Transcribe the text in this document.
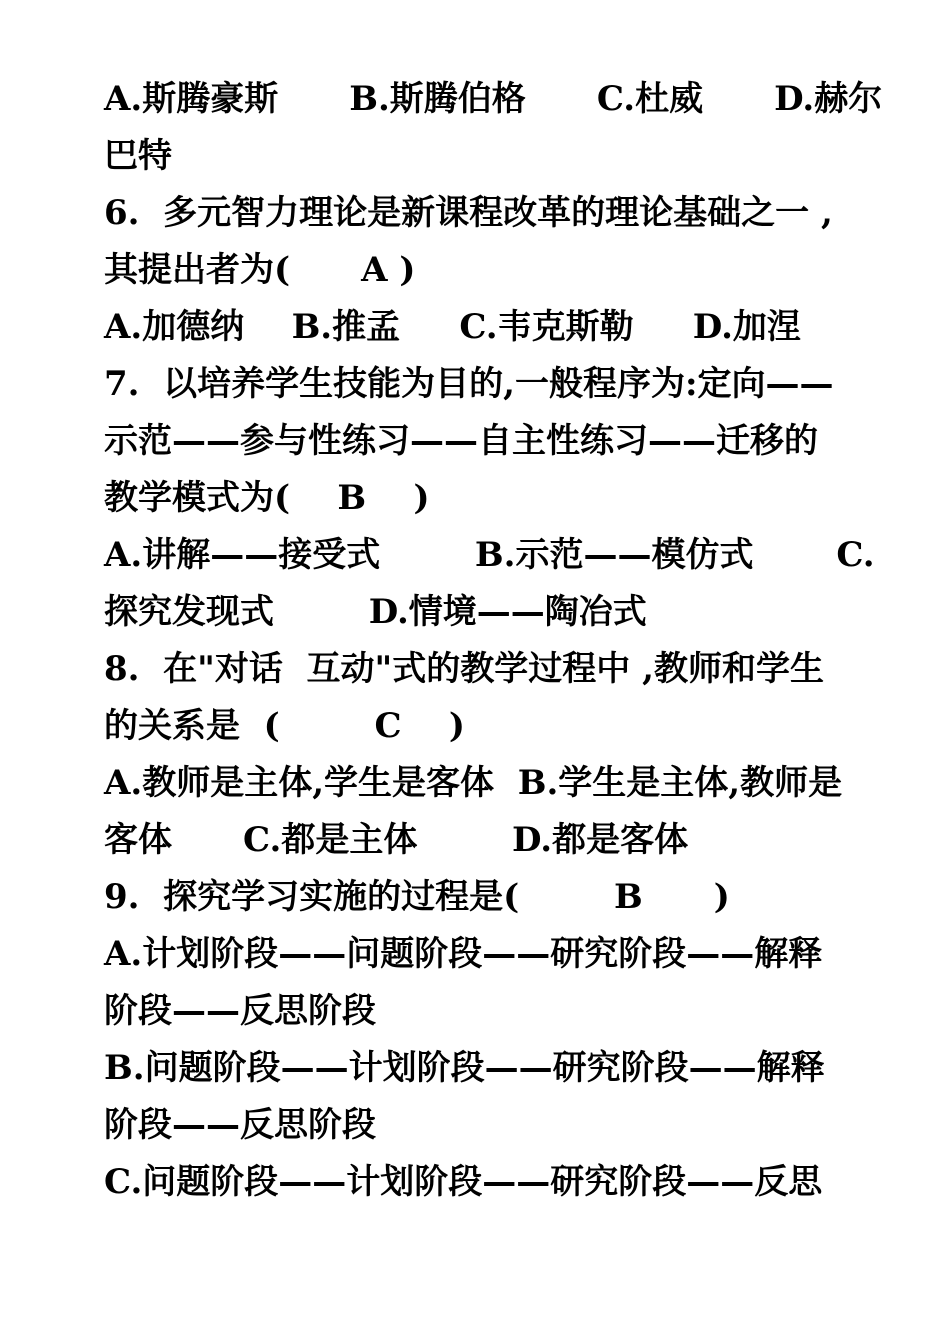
A.斯腾豪斯      B.斯腾伯格      C.杜威      D.赫尔
巴特
6.  多元智力理论是新课程改革的理论基础之一 ,
其提出者为(      A )
A.加德纳    B.推孟     C.韦克斯勒     D.加涅
7.  以培养学生技能为目的,一般程序为:定向——
示范——参与性练习——自主性练习——迁移的
教学模式为(    B    )
A.讲解——接受式        B.示范——模仿式       C.
探究发现式        D.情境——陶冶式
8.  在"对话  互动"式的教学过程中 ,教师和学生
的关系是  (        C    )
A.教师是主体,学生是客体  B.学生是主体,教师是
客体      C.都是主体        D.都是客体
9.  探究学习实施的过程是(        B      )
A.计划阶段——问题阶段——研究阶段——解释
阶段——反思阶段
B.问题阶段——计划阶段——研究阶段——解释
阶段——反思阶段
C.问题阶段——计划阶段——研究阶段——反思
